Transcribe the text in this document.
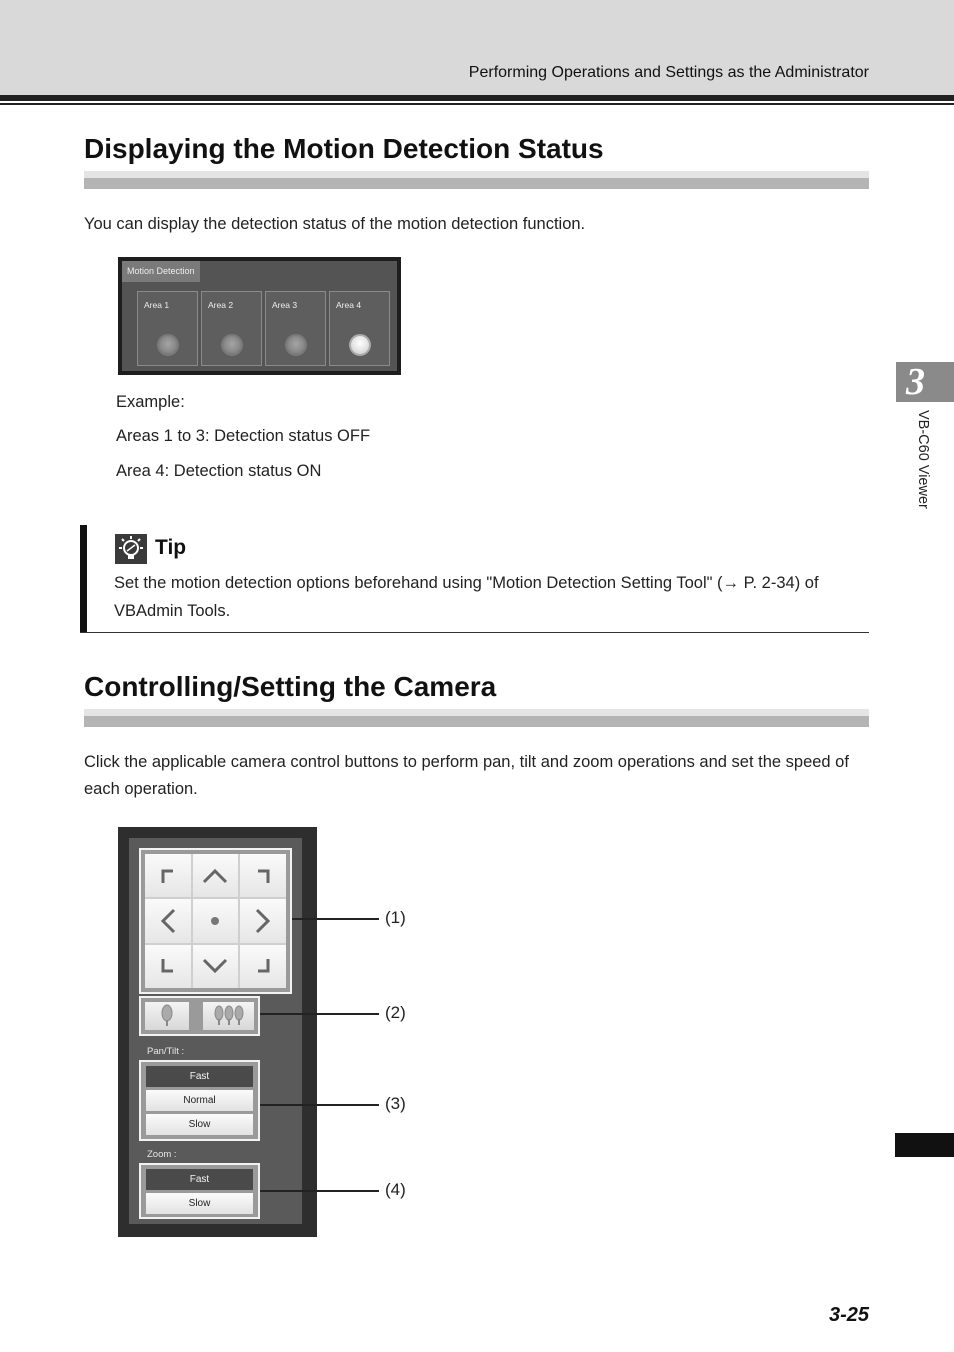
Performing Operations and Settings as the Administrator
Displaying the Motion Detection Status
You can display the detection status of the motion detection function.
Motion Detection
Area 1	Area 2	Area 3	Area 4
Example:
Areas 1 to 3: Detection status OFF
Area 4: Detection status ON
Tip
Set the motion detection options beforehand using "Motion Detection Setting Tool" (→ P. 2-34) of VBAdmin Tools.
Controlling/Setting the Camera
Click the applicable camera control buttons to perform pan, tilt and zoom operations and set the speed of each operation.
Pan/Tilt :
Fast
Normal
Slow
Zoom :
Fast
Slow
(1)
(2)
(3)
(4)
3
VB-C60 Viewer
3-25
